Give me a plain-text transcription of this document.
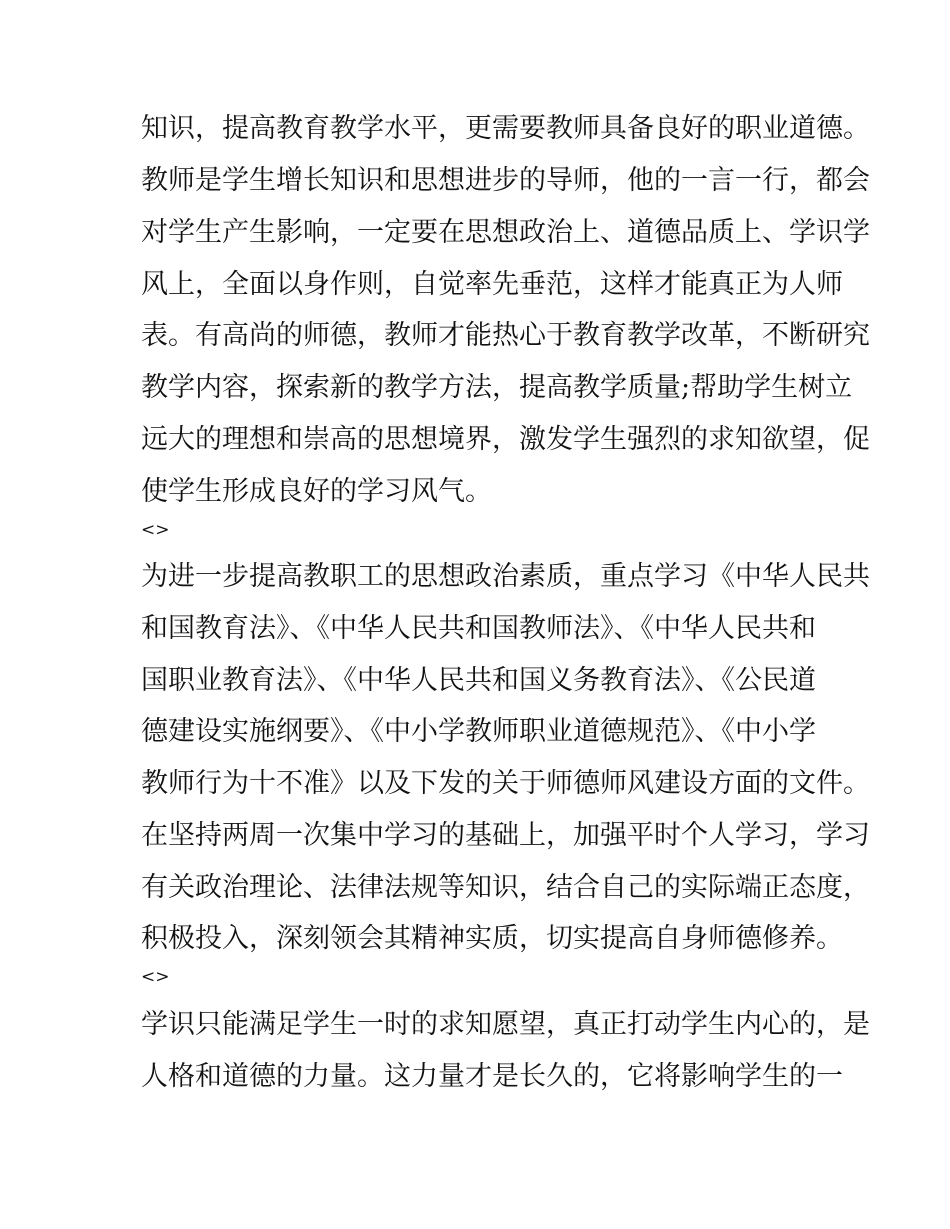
知识，提高教育教学水平，更需要教师具备良好的职业道德。
教师是学生增长知识和思想进步的导师，他的一言一行，都会
对学生产生影响，一定要在思想政治上、道德品质上、学识学
风上，全面以身作则，自觉率先垂范，这样才能真正为人师
表。有高尚的师德，教师才能热心于教育教学改革，不断研究
教学内容，探索新的教学方法，提高教学质量;帮助学生树立
远大的理想和崇高的思想境界，激发学生强烈的求知欲望，促
使学生形成良好的学习风气。
<>
为进一步提高教职工的思想政治素质，重点学习《中华人民共
和国教育法》、《中华人民共和国教师法》、《中华人民共和
国职业教育法》、《中华人民共和国义务教育法》、《公民道
德建设实施纲要》、《中小学教师职业道德规范》、《中小学
教师行为十不准》以及下发的关于师德师风建设方面的文件。
在坚持两周一次集中学习的基础上，加强平时个人学习，学习
有关政治理论、法律法规等知识，结合自己的实际端正态度，
积极投入，深刻领会其精神实质，切实提高自身师德修养。
<>
学识只能满足学生一时的求知愿望，真正打动学生内心的，是
人格和道德的力量。这力量才是长久的，它将影响学生的一
